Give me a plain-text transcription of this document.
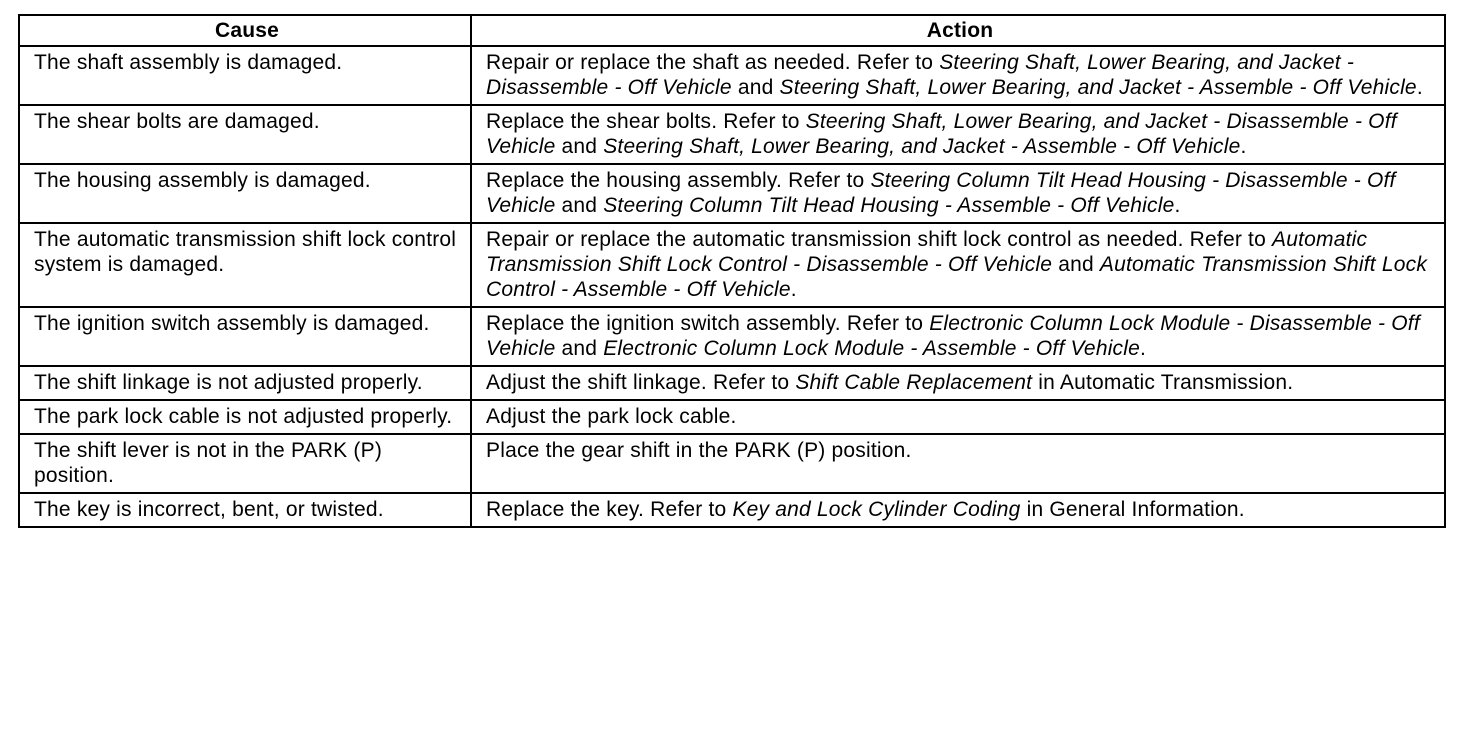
Cause	Action
The shaft assembly is damaged.	Repair or replace the shaft as needed. Refer to Steering Shaft, Lower Bearing, and Jacket - Disassemble - Off Vehicle and Steering Shaft, Lower Bearing, and Jacket - Assemble - Off Vehicle.
The shear bolts are damaged.	Replace the shear bolts. Refer to Steering Shaft, Lower Bearing, and Jacket - Disassemble - Off Vehicle and Steering Shaft, Lower Bearing, and Jacket - Assemble - Off Vehicle.
The housing assembly is damaged.	Replace the housing assembly. Refer to Steering Column Tilt Head Housing - Disassemble - Off Vehicle and Steering Column Tilt Head Housing - Assemble - Off Vehicle.
The automatic transmission shift lock control system is damaged.	Repair or replace the automatic transmission shift lock control as needed. Refer to Automatic Transmission Shift Lock Control - Disassemble - Off Vehicle and Automatic Transmission Shift Lock Control - Assemble - Off Vehicle.
The ignition switch assembly is damaged.	Replace the ignition switch assembly. Refer to Electronic Column Lock Module - Disassemble - Off Vehicle and Electronic Column Lock Module - Assemble - Off Vehicle.
The shift linkage is not adjusted properly.	Adjust the shift linkage. Refer to Shift Cable Replacement in Automatic Transmission.
The park lock cable is not adjusted properly.	Adjust the park lock cable.
The shift lever is not in the PARK (P) position.	Place the gear shift in the PARK (P) position.
The key is incorrect, bent, or twisted.	Replace the key. Refer to Key and Lock Cylinder Coding in General Information.
